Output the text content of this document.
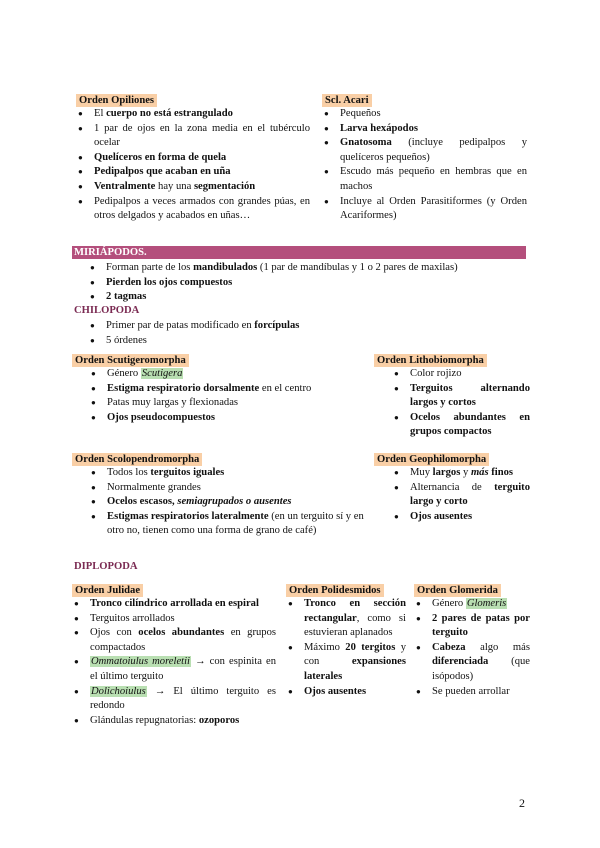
Orden Opiliones
● El cuerpo no está estrangulado
● 1 par de ojos en la zona media en el tubérculo ocelar
● Quelíceros en forma de quela
● Pedipalpos que acaban en uña
● Ventralmente hay una segmentación
● Pedipalpos a veces armados con grandes púas, en otros delgados y acabados en uñas…
Scl. Acari
● Pequeños
● Larva hexápodos
● Gnatosoma (incluye pedipalpos y quelíceros pequeños)
● Escudo más pequeño en hembras que en machos
● Incluye al Orden Parasitiformes (y Orden Acariformes)
MIRIÁPODOS.
● Forman parte de los mandibulados (1 par de mandíbulas y 1 o 2 pares de maxilas)
● Pierden los ojos compuestos
● 2 tagmas
CHILOPODA
● Primer par de patas modificado en forcípulas
● 5 órdenes
Orden Scutigeromorpha
● Género Scutigera
● Estigma respiratorio dorsalmente en el centro
● Patas muy largas y flexionadas
● Ojos pseudocompuestos
Orden Lithobiomorpha
● Color rojizo
● Terguitos alternando largos y cortos
● Ocelos abundantes en grupos compactos
Orden Scolopendromorpha
● Todos los terguitos iguales
● Normalmente grandes
● Ocelos escasos, semiagrupados o ausentes
● Estigmas respiratorios lateralmente (en un terguito sí y en otro no, tienen como una forma de grano de café)
Orden Geophilomorpha
● Muy largos y más finos
● Alternancia de terguito largo y corto
● Ojos ausentes
DIPLOPODA
Orden Julidae
● Tronco cilíndrico arrollada en espiral
● Terguitos arrollados
● Ojos con ocelos abundantes en grupos compactados
● Ommatoiulus moreletii → con espinita en el último terguito
● Dolichoiulus → El último terguito es redondo
● Glándulas repugnatorias: ozoporos
Orden Polidesmidos
● Tronco en sección rectangular, como si estuvieran aplanados
● Máximo 20 tergitos y con expansiones laterales
● Ojos ausentes
Orden Glomerida
● Género Glomeris
● 2 pares de patas por terguito
● Cabeza algo más diferenciada (que isópodos)
● Se pueden arrollar
2
